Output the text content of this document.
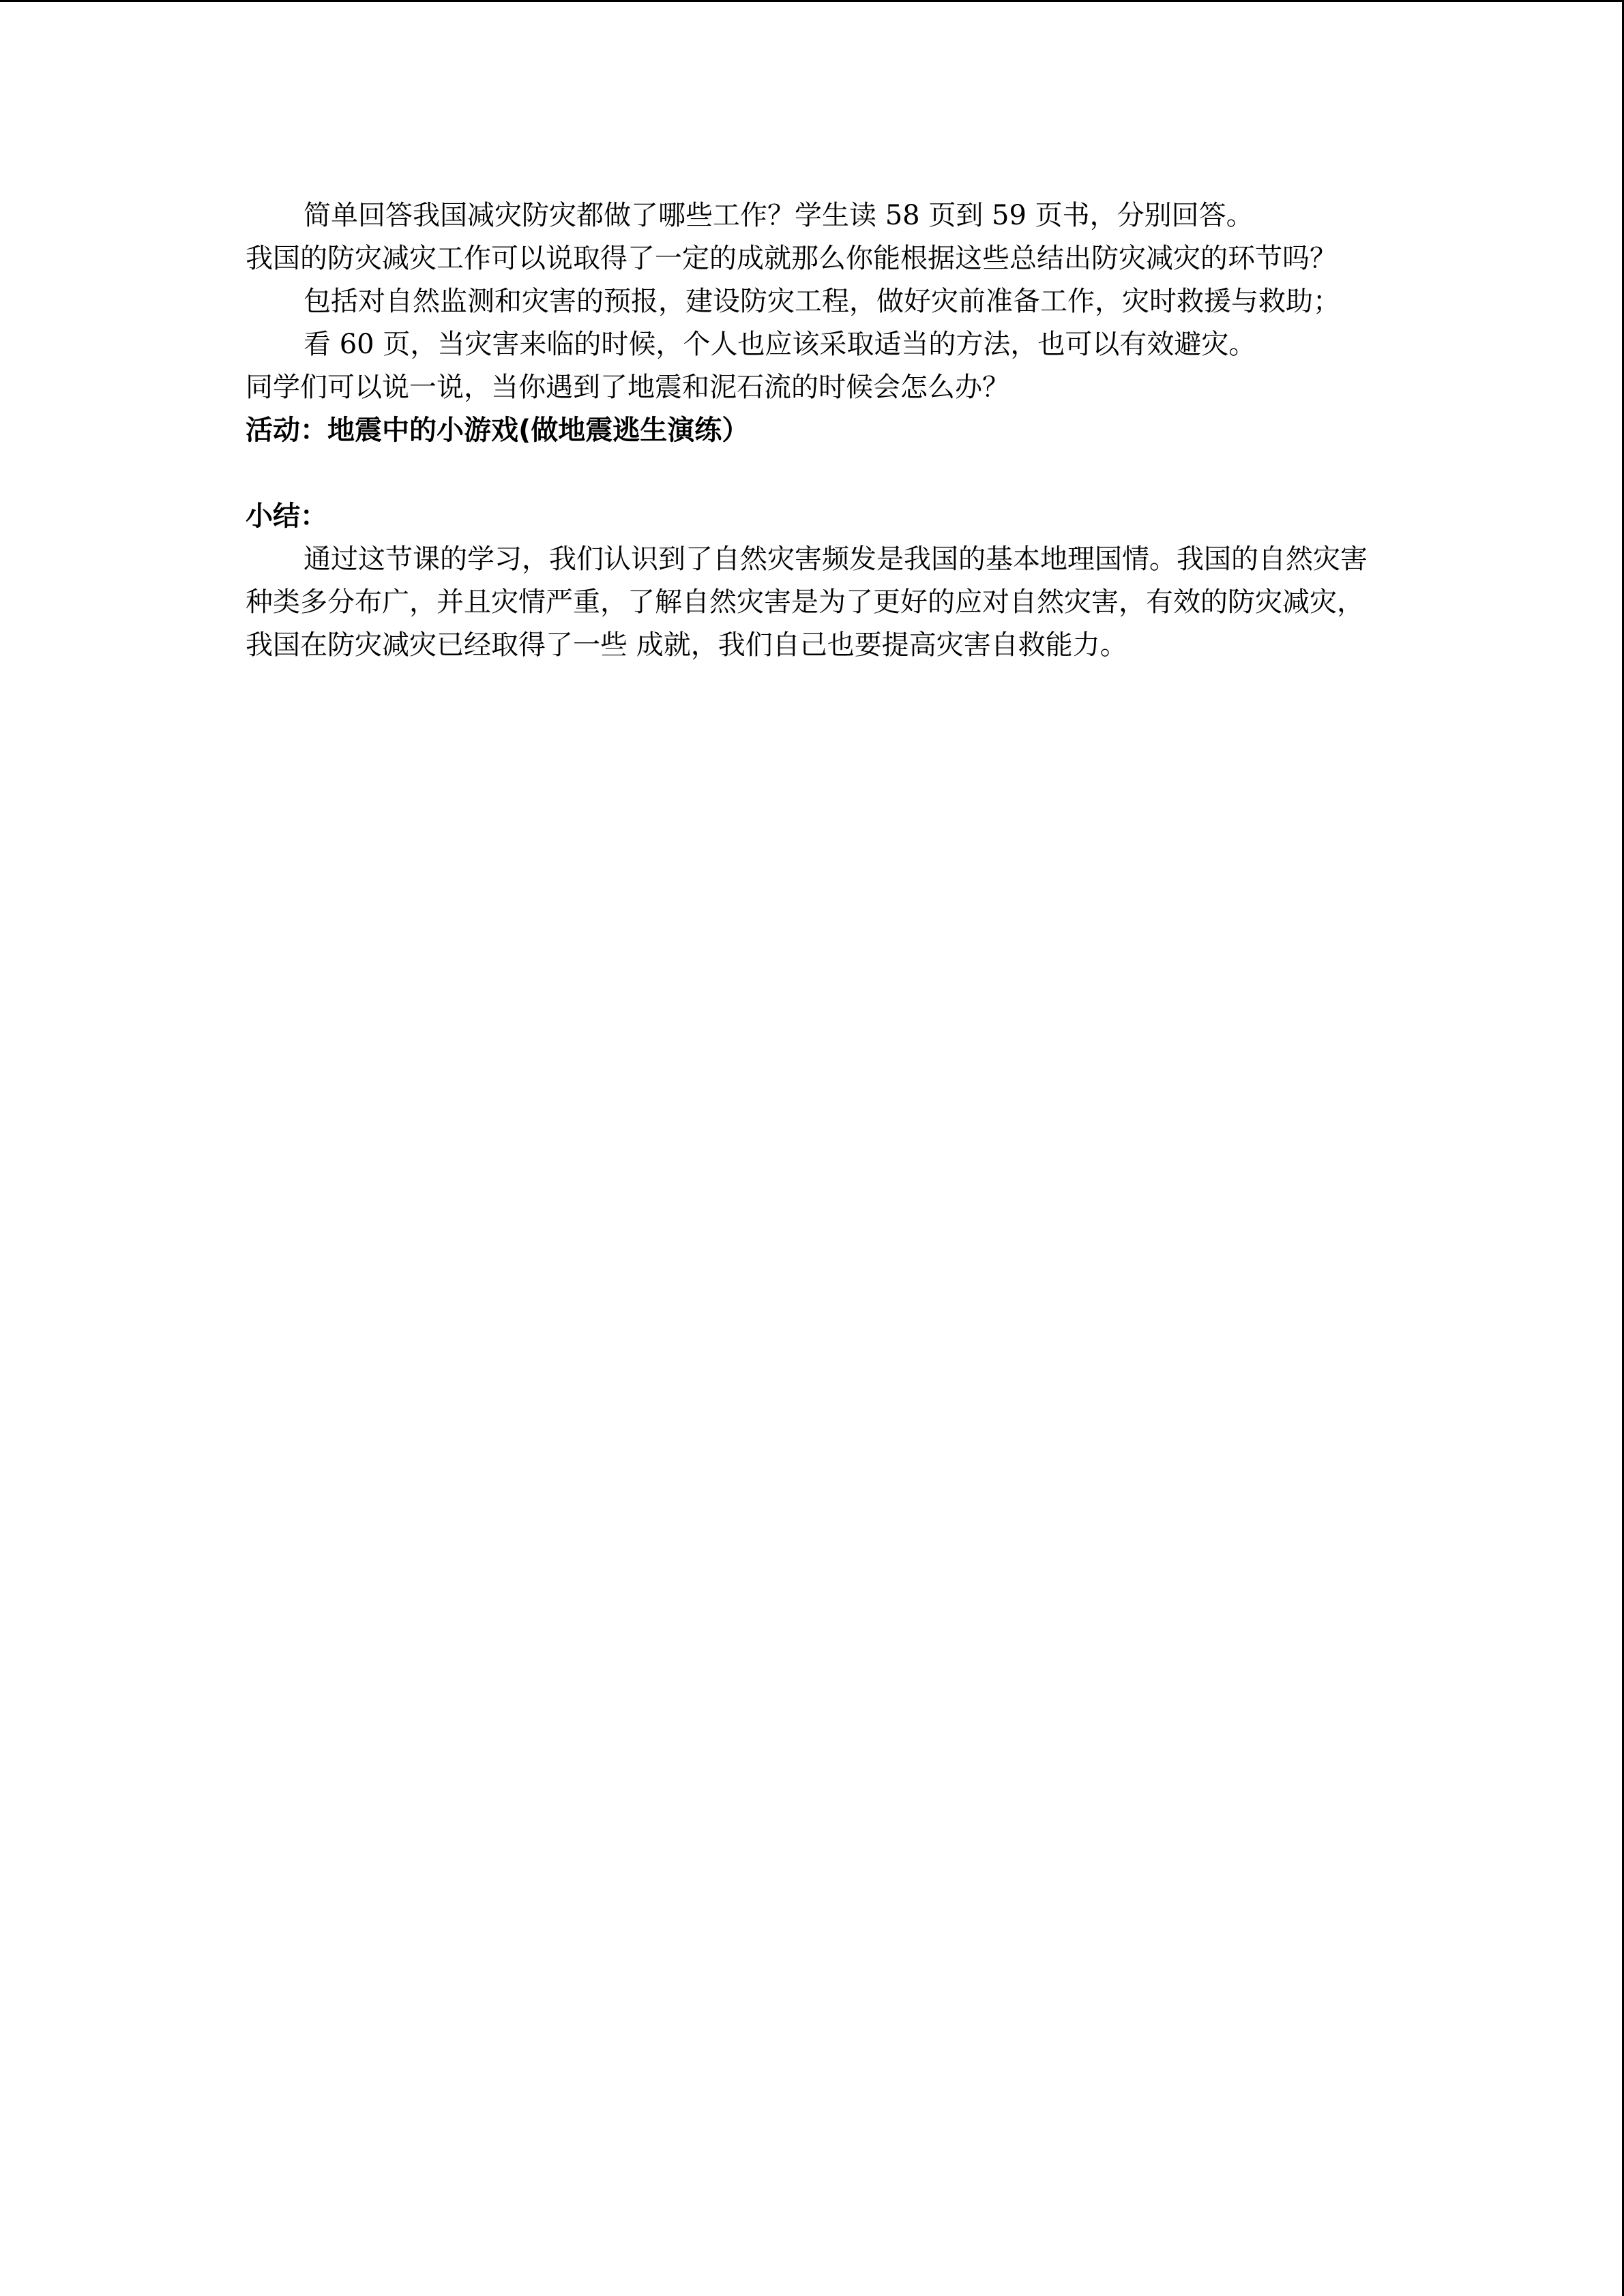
简单回答我国减灾防灾都做了哪些工作？学生读 58 页到 59 页书，分别回答。

我国的防灾减灾工作可以说取得了一定的成就那么你能根据这些总结出防灾减灾的环节吗？

包括对自然监测和灾害的预报，建设防灾工程，做好灾前准备工作，灾时救援与救助；

看 60 页，当灾害来临的时候，个人也应该采取适当的方法，也可以有效避灾。

同学们可以说一说，当你遇到了地震和泥石流的时候会怎么办？

活动：地震中的小游戏(做地震逃生演练）

小结：

通过这节课的学习，我们认识到了自然灾害频发是我国的基本地理国情。我国的自然灾害种类多分布广，并且灾情严重，了解自然灾害是为了更好的应对自然灾害，有效的防灾减灾，我国在防灾减灾已经取得了一些 成就，我们自己也要提高灾害自救能力。
